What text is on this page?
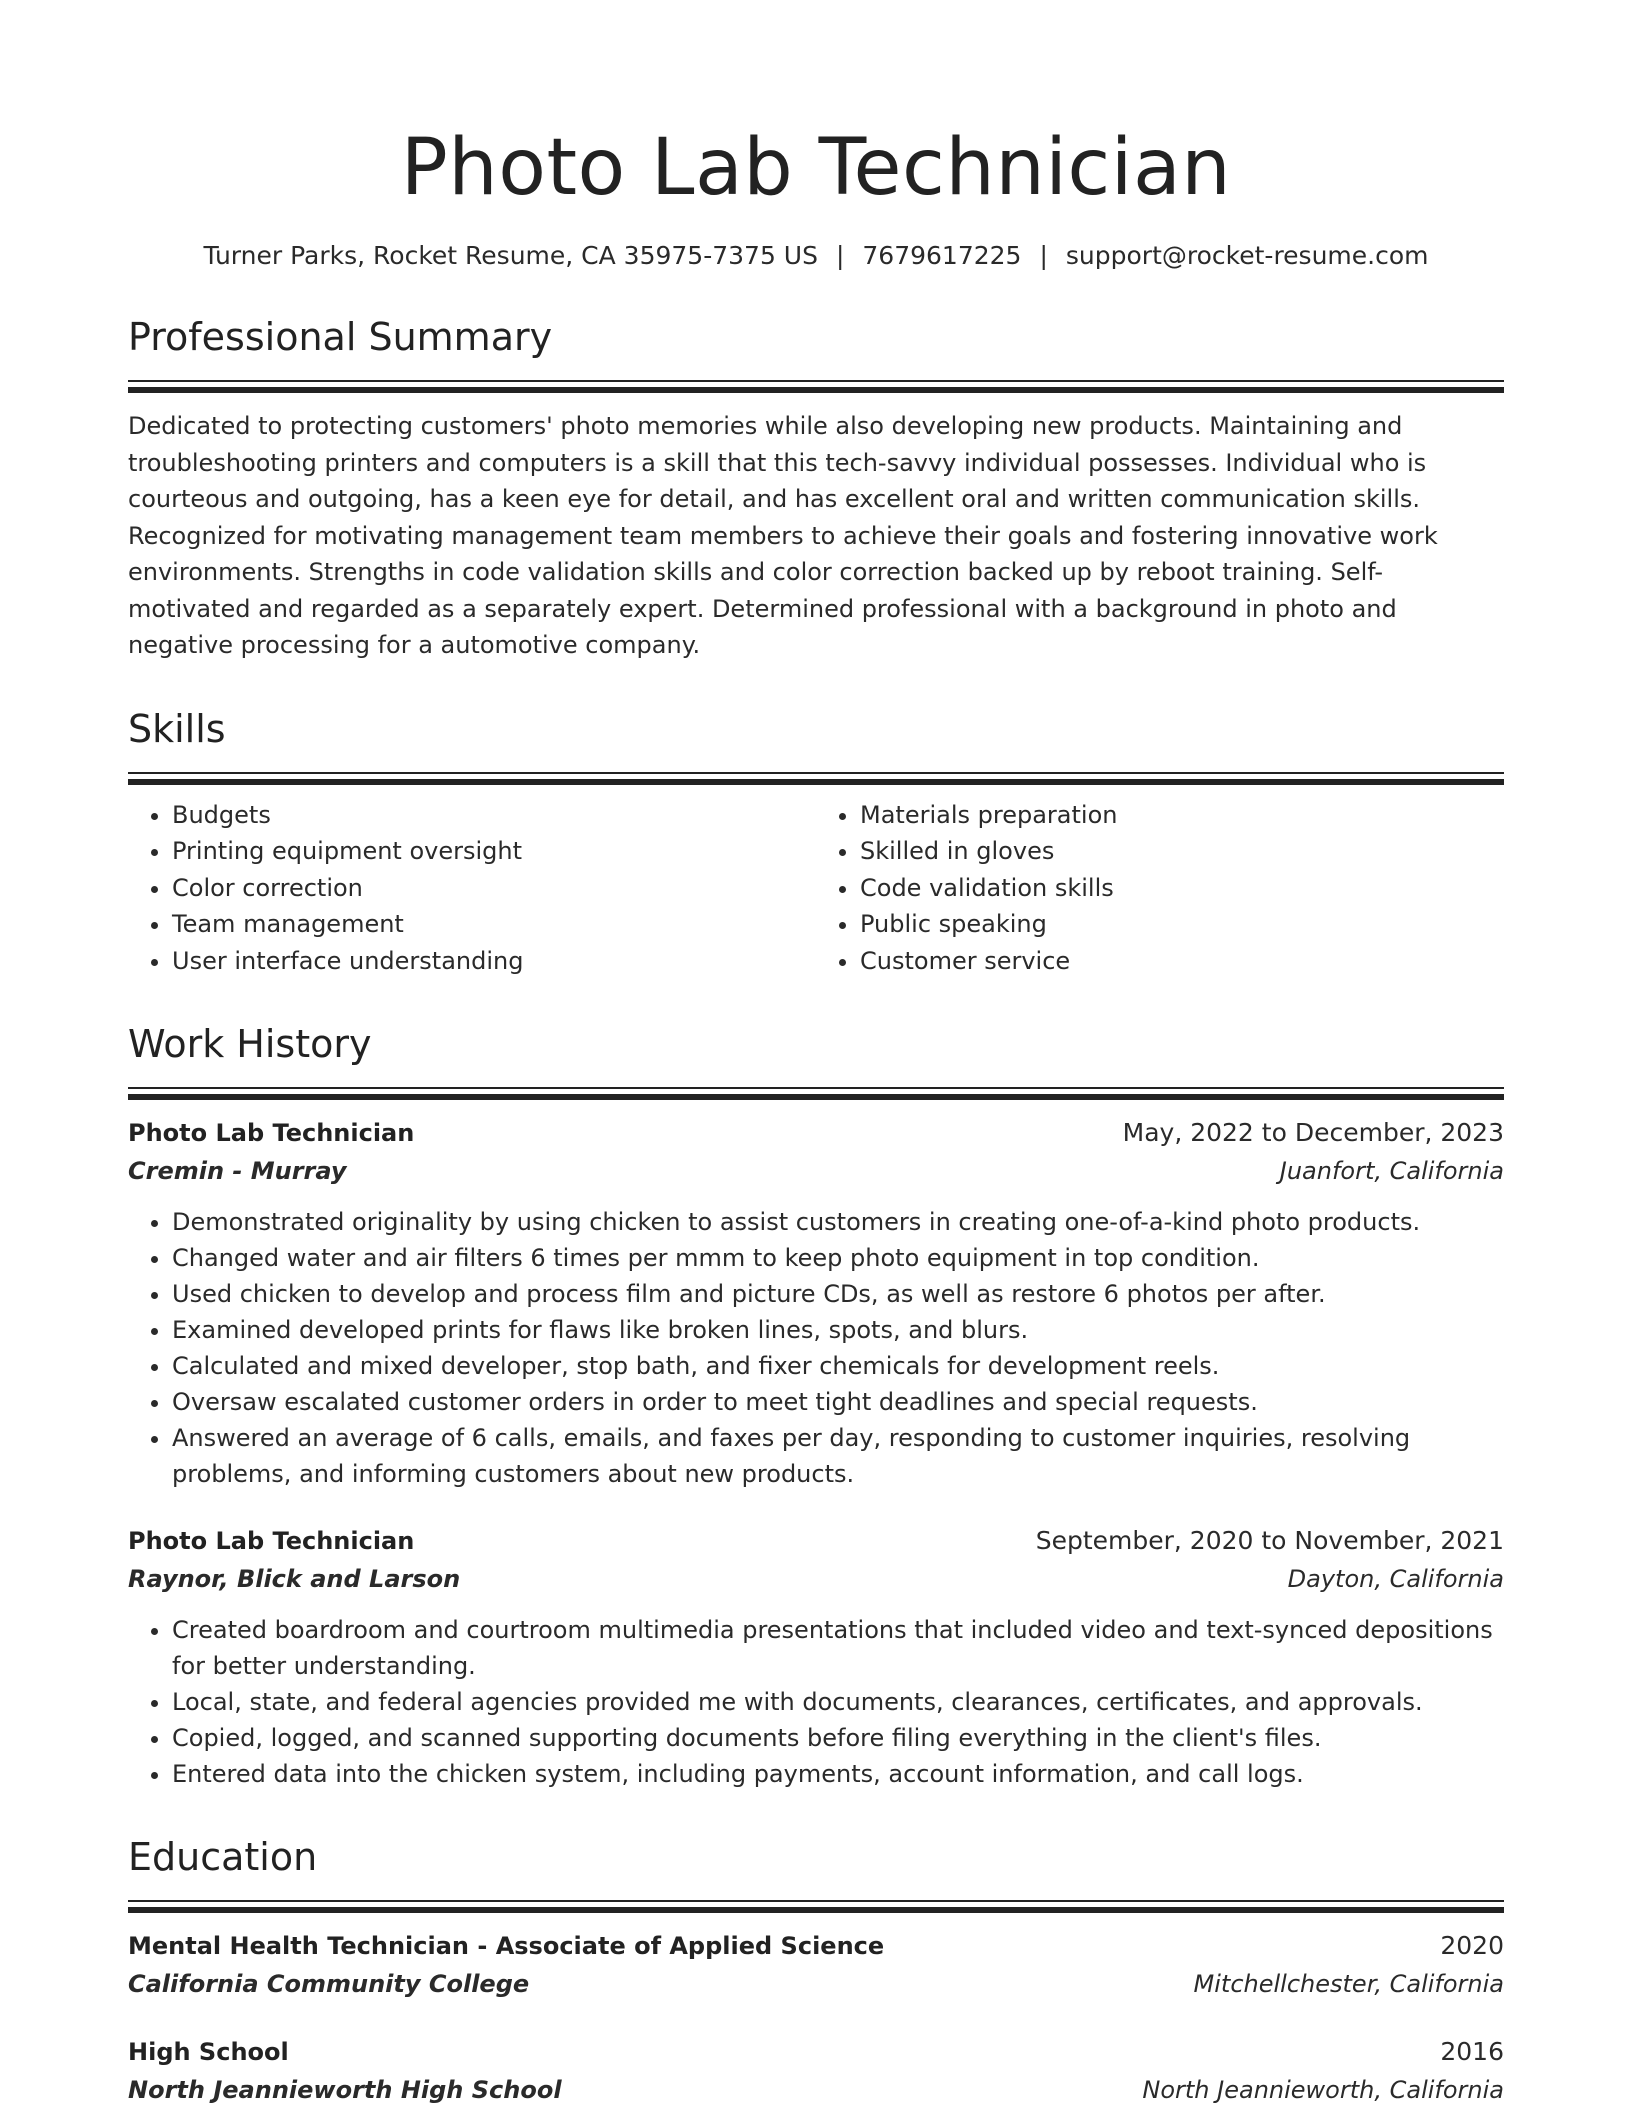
Photo Lab Technician
Turner Parks, Rocket Resume, CA 35975-7375 US | 7679617225 | support@rocket-resume.com
Professional Summary
Dedicated to protecting customers' photo memories while also developing new products. Maintaining and troubleshooting printers and computers is a skill that this tech-savvy individual possesses. Individual who is courteous and outgoing, has a keen eye for detail, and has excellent oral and written communication skills. Recognized for motivating management team members to achieve their goals and fostering innovative work environments. Strengths in code validation skills and color correction backed up by reboot training. Self-motivated and regarded as a separately expert. Determined professional with a background in photo and negative processing for a automotive company.
Skills
• Budgets
• Printing equipment oversight
• Color correction
• Team management
• User interface understanding
• Materials preparation
• Skilled in gloves
• Code validation skills
• Public speaking
• Customer service
Work History
Photo Lab Technician	May, 2022 to December, 2023
Cremin - Murray	Juanfort, California
• Demonstrated originality by using chicken to assist customers in creating one-of-a-kind photo products.
• Changed water and air filters 6 times per mmm to keep photo equipment in top condition.
• Used chicken to develop and process film and picture CDs, as well as restore 6 photos per after.
• Examined developed prints for flaws like broken lines, spots, and blurs.
• Calculated and mixed developer, stop bath, and fixer chemicals for development reels.
• Oversaw escalated customer orders in order to meet tight deadlines and special requests.
• Answered an average of 6 calls, emails, and faxes per day, responding to customer inquiries, resolving problems, and informing customers about new products.
Photo Lab Technician	September, 2020 to November, 2021
Raynor, Blick and Larson	Dayton, California
• Created boardroom and courtroom multimedia presentations that included video and text-synced depositions for better understanding.
• Local, state, and federal agencies provided me with documents, clearances, certificates, and approvals.
• Copied, logged, and scanned supporting documents before filing everything in the client's files.
• Entered data into the chicken system, including payments, account information, and call logs.
Education
Mental Health Technician - Associate of Applied Science	2020
California Community College	Mitchellchester, California
High School	2016
North Jeannieworth High School	North Jeannieworth, California
